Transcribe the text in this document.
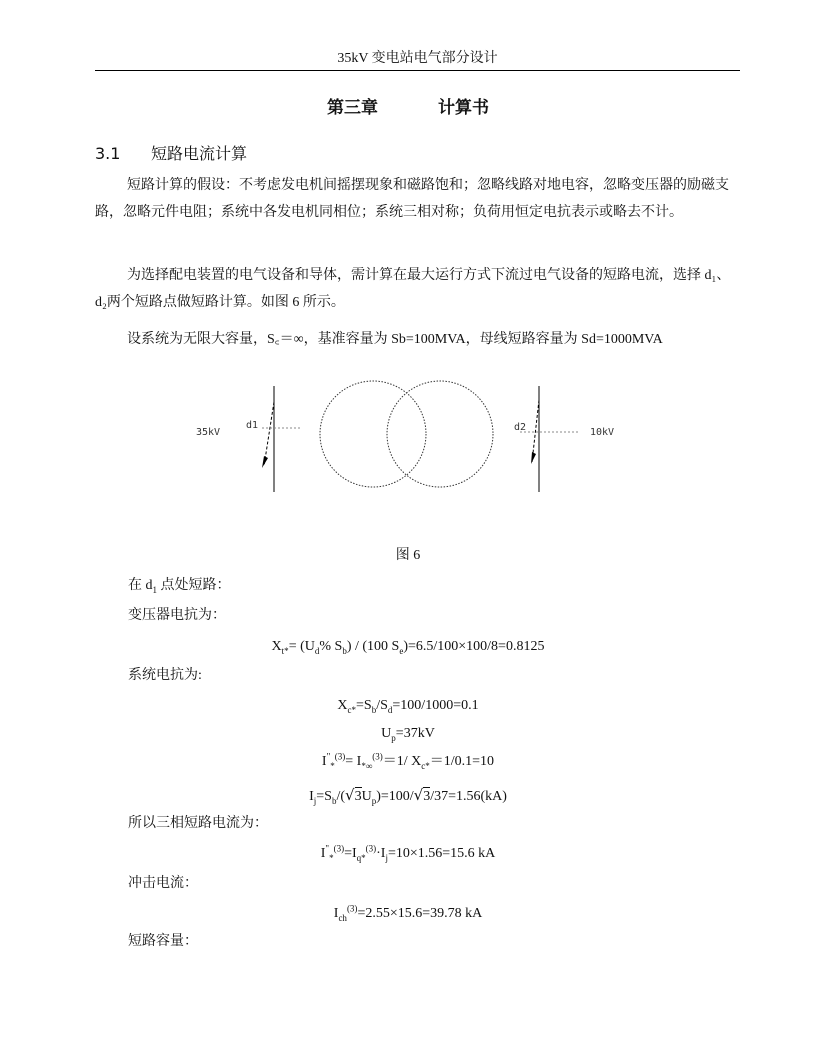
35kV 变电站电气部分设计
第三章	计算书
3.1 短路电流计算

短路计算的假设：不考虑发电机间摇摆现象和磁路饱和；忽略线路对地电容，忽略变压器的励磁支路，忽略元件电阻；系统中各发电机同相位；系统三相对称；负荷用恒定电抗表示或略去不计。

为选择配电装置的电气设备和导体，需计算在最大运行方式下流过电气设备的短路电流，选择 d₁、d₂两个短路点做短路计算。如图 6 所示。

设系统为无限大容量，S꜀＝∞，基准容量为 Sb=100MVA，母线短路容量为 Sd=1000MVA

35kV
d1	d2	10kV
图 6
在 $d_1$ 点处短路：
变压器电抗为：
$X_{t*}= (U_d\%$ $S_b) / (100$ $S_e)=6.5/100\times 100/8=0.8125$
系统电抗为:
$X_{c*}=S_b/S_d=100/1000=0.1$
$U_p=37kV$
$I^"_*^{(3)}= I_{*\infty}^{(3)}=1/$ $X_{c*}=1/0.1=10$
$I_j=S_b/(√3U_p)=100/√3/37=1.56(kA)$
所以三相短路电流为：
$I^"_*^{(3)}=I_{q*}^{(3)}\cdot I_j=10\times 1.56=15.6$ kA
冲击电流：
$I_{ch}^{(3)}=2.55\times 15.6=39.78$ kA
短路容量：
